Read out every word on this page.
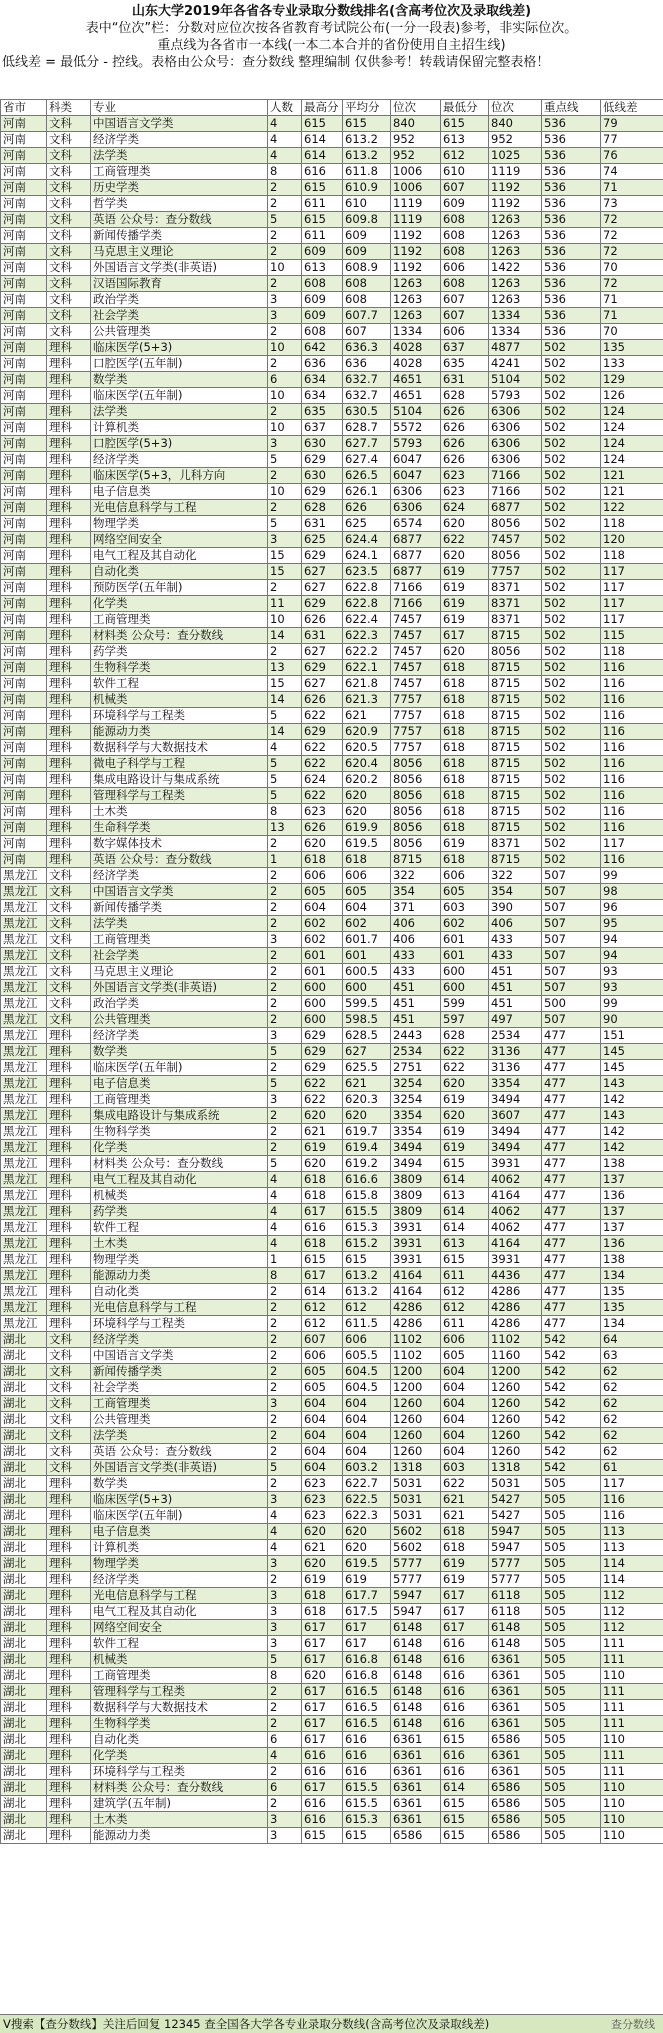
山东大学2019年各省各专业录取分数线排名(含高考位次及录取线差)
表中“位次”栏：分数对应位次按各省教育考试院公布(一分一段表)参考，非实际位次。
重点线为各省市一本线(一本二本合并的省份使用自主招生线)
低线差 = 最低分 - 控线。表格由公众号：查分数线 整理编制 仅供参考！转载请保留完整表格！
省市	科类	专业	人数	最高分	平均分	位次	最低分	位次	重点线	低线差
河南	文科	中国语言文学类	4	615	615	840	615	840	536	79
河南	文科	经济学类	4	614	613.2	952	613	952	536	77
河南	文科	法学类	4	614	613.2	952	612	1025	536	76
河南	文科	工商管理类	8	616	611.8	1006	610	1119	536	74
河南	文科	历史学类	2	615	610.9	1006	607	1192	536	71
河南	文科	哲学类	2	611	610	1119	609	1192	536	73
河南	文科	英语 公众号：查分数线	5	615	609.8	1119	608	1263	536	72
河南	文科	新闻传播学类	2	611	609	1192	608	1263	536	72
河南	文科	马克思主义理论	2	609	609	1192	608	1263	536	72
河南	文科	外国语言文学类(非英语)	10	613	608.9	1192	606	1422	536	70
河南	文科	汉语国际教育	2	608	608	1263	608	1263	536	72
河南	文科	政治学类	3	609	608	1263	607	1263	536	71
河南	文科	社会学类	3	609	607.7	1263	607	1334	536	71
河南	文科	公共管理类	2	608	607	1334	606	1334	536	70
河南	理科	临床医学(5+3)	10	642	636.3	4028	637	4877	502	135
河南	理科	口腔医学(五年制)	2	636	636	4028	635	4241	502	133
河南	理科	数学类	6	634	632.7	4651	631	5104	502	129
河南	理科	临床医学(五年制)	10	634	632.7	4651	628	5793	502	126
河南	理科	法学类	2	635	630.5	5104	626	6306	502	124
河南	理科	计算机类	10	637	628.7	5572	626	6306	502	124
河南	理科	口腔医学(5+3)	3	630	627.7	5793	626	6306	502	124
河南	理科	经济学类	5	629	627.4	6047	626	6306	502	124
河南	理科	临床医学(5+3，儿科方向	2	630	626.5	6047	623	7166	502	121
河南	理科	电子信息类	10	629	626.1	6306	623	7166	502	121
河南	理科	光电信息科学与工程	2	628	626	6306	624	6877	502	122
河南	理科	物理学类	5	631	625	6574	620	8056	502	118
河南	理科	网络空间安全	3	625	624.4	6877	622	7457	502	120
河南	理科	电气工程及其自动化	15	629	624.1	6877	620	8056	502	118
河南	理科	自动化类	15	627	623.5	6877	619	7757	502	117
河南	理科	预防医学(五年制)	2	627	622.8	7166	619	8371	502	117
河南	理科	化学类	11	629	622.8	7166	619	8371	502	117
河南	理科	工商管理类	10	626	622.4	7457	619	8371	502	117
河南	理科	材料类 公众号：查分数线	14	631	622.3	7457	617	8715	502	115
河南	理科	药学类	2	627	622.2	7457	620	8056	502	118
河南	理科	生物科学类	13	629	622.1	7457	618	8715	502	116
河南	理科	软件工程	15	627	621.8	7457	618	8715	502	116
河南	理科	机械类	14	626	621.3	7757	618	8715	502	116
河南	理科	环境科学与工程类	5	622	621	7757	618	8715	502	116
河南	理科	能源动力类	14	629	620.9	7757	618	8715	502	116
河南	理科	数据科学与大数据技术	4	622	620.5	7757	618	8715	502	116
河南	理科	微电子科学与工程	5	622	620.4	8056	618	8715	502	116
河南	理科	集成电路设计与集成系统	5	624	620.2	8056	618	8715	502	116
河南	理科	管理科学与工程类	5	622	620	8056	618	8715	502	116
河南	理科	土木类	8	623	620	8056	618	8715	502	116
河南	理科	生命科学类	13	626	619.9	8056	618	8715	502	116
河南	理科	数字媒体技术	2	620	619.5	8056	619	8371	502	117
河南	理科	英语 公众号：查分数线	1	618	618	8715	618	8715	502	116
黑龙江	文科	经济学类	2	606	606	322	606	322	507	99
黑龙江	文科	中国语言文学类	2	605	605	354	605	354	507	98
黑龙江	文科	新闻传播学类	2	604	604	371	603	390	507	96
黑龙江	文科	法学类	2	602	602	406	602	406	507	95
黑龙江	文科	工商管理类	3	602	601.7	406	601	433	507	94
黑龙江	文科	社会学类	2	601	601	433	601	433	507	94
黑龙江	文科	马克思主义理论	2	601	600.5	433	600	451	507	93
黑龙江	文科	外国语言文学类(非英语)	2	600	600	451	600	451	507	93
黑龙江	文科	政治学类	2	600	599.5	451	599	451	500	99
黑龙江	文科	公共管理类	2	600	598.5	451	597	497	507	90
黑龙江	理科	经济学类	3	629	628.5	2443	628	2534	477	151
黑龙江	理科	数学类	5	629	627	2534	622	3136	477	145
黑龙江	理科	临床医学(五年制)	2	629	625.5	2751	622	3136	477	145
黑龙江	理科	电子信息类	5	622	621	3254	620	3354	477	143
黑龙江	理科	工商管理类	3	622	620.3	3254	619	3494	477	142
黑龙江	理科	集成电路设计与集成系统	2	620	620	3354	620	3607	477	143
黑龙江	理科	生物科学类	2	621	619.7	3354	619	3494	477	142
黑龙江	理科	化学类	2	619	619.4	3494	619	3494	477	142
黑龙江	理科	材料类 公众号：查分数线	5	620	619.2	3494	615	3931	477	138
黑龙江	理科	电气工程及其自动化	4	618	616.6	3809	614	4062	477	137
黑龙江	理科	机械类	4	618	615.8	3809	613	4164	477	136
黑龙江	理科	药学类	4	617	615.5	3809	614	4062	477	137
黑龙江	理科	软件工程	4	616	615.3	3931	614	4062	477	137
黑龙江	理科	土木类	4	618	615.2	3931	613	4164	477	136
黑龙江	理科	物理学类	1	615	615	3931	615	3931	477	138
黑龙江	理科	能源动力类	8	617	613.2	4164	611	4436	477	134
黑龙江	理科	自动化类	2	614	613.2	4164	612	4286	477	135
黑龙江	理科	光电信息科学与工程	2	612	612	4286	612	4286	477	135
黑龙江	理科	环境科学与工程类	2	612	611.5	4286	611	4286	477	134
湖北	文科	经济学类	2	607	606	1102	606	1102	542	64
湖北	文科	中国语言文学类	2	606	605.5	1102	605	1160	542	63
湖北	文科	新闻传播学类	2	605	604.5	1200	604	1200	542	62
湖北	文科	社会学类	2	605	604.5	1200	604	1260	542	62
湖北	文科	工商管理类	3	604	604	1260	604	1260	542	62
湖北	文科	公共管理类	2	604	604	1260	604	1260	542	62
湖北	文科	法学类	2	604	604	1260	604	1260	542	62
湖北	文科	英语 公众号：查分数线	2	604	604	1260	604	1260	542	62
湖北	文科	外国语言文学类(非英语)	5	604	603.2	1318	603	1318	542	61
湖北	理科	数学类	2	623	622.7	5031	622	5031	505	117
湖北	理科	临床医学(5+3)	3	623	622.5	5031	621	5427	505	116
湖北	理科	临床医学(五年制)	4	623	622.3	5031	621	5427	505	116
湖北	理科	电子信息类	4	620	620	5602	618	5947	505	113
湖北	理科	计算机类	4	621	620	5602	618	5947	505	113
湖北	理科	物理学类	3	620	619.5	5777	619	5777	505	114
湖北	理科	经济学类	2	619	619	5777	619	5777	505	114
湖北	理科	光电信息科学与工程	3	618	617.7	5947	617	6118	505	112
湖北	理科	电气工程及其自动化	3	618	617.5	5947	617	6118	505	112
湖北	理科	网络空间安全	3	617	617	6148	617	6148	505	112
湖北	理科	软件工程	3	617	617	6148	616	6148	505	111
湖北	理科	机械类	5	617	616.8	6148	616	6361	505	111
湖北	理科	工商管理类	8	620	616.8	6148	616	6361	505	110
湖北	理科	管理科学与工程类	2	617	616.5	6148	616	6361	505	111
湖北	理科	数据科学与大数据技术	2	617	616.5	6148	616	6361	505	111
湖北	理科	生物科学类	2	617	616.5	6148	616	6361	505	111
湖北	理科	自动化类	6	617	616	6361	615	6586	505	110
湖北	理科	化学类	4	616	616	6361	616	6361	505	111
湖北	理科	环境科学与工程类	2	616	616	6361	616	6361	505	111
湖北	理科	材料类 公众号：查分数线	6	617	615.5	6361	614	6586	505	110
湖北	理科	建筑学(五年制)	2	616	615.5	6361	615	6586	505	110
湖北	理科	土木类	3	616	615.3	6361	615	6586	505	110
湖北	理科	能源动力类	3	615	615	6586	615	6586	505	110
V搜索【查分数线】关注后回复 12345 查全国各大学各专业录取分数线(含高考位次及录取线差)	查分数线
